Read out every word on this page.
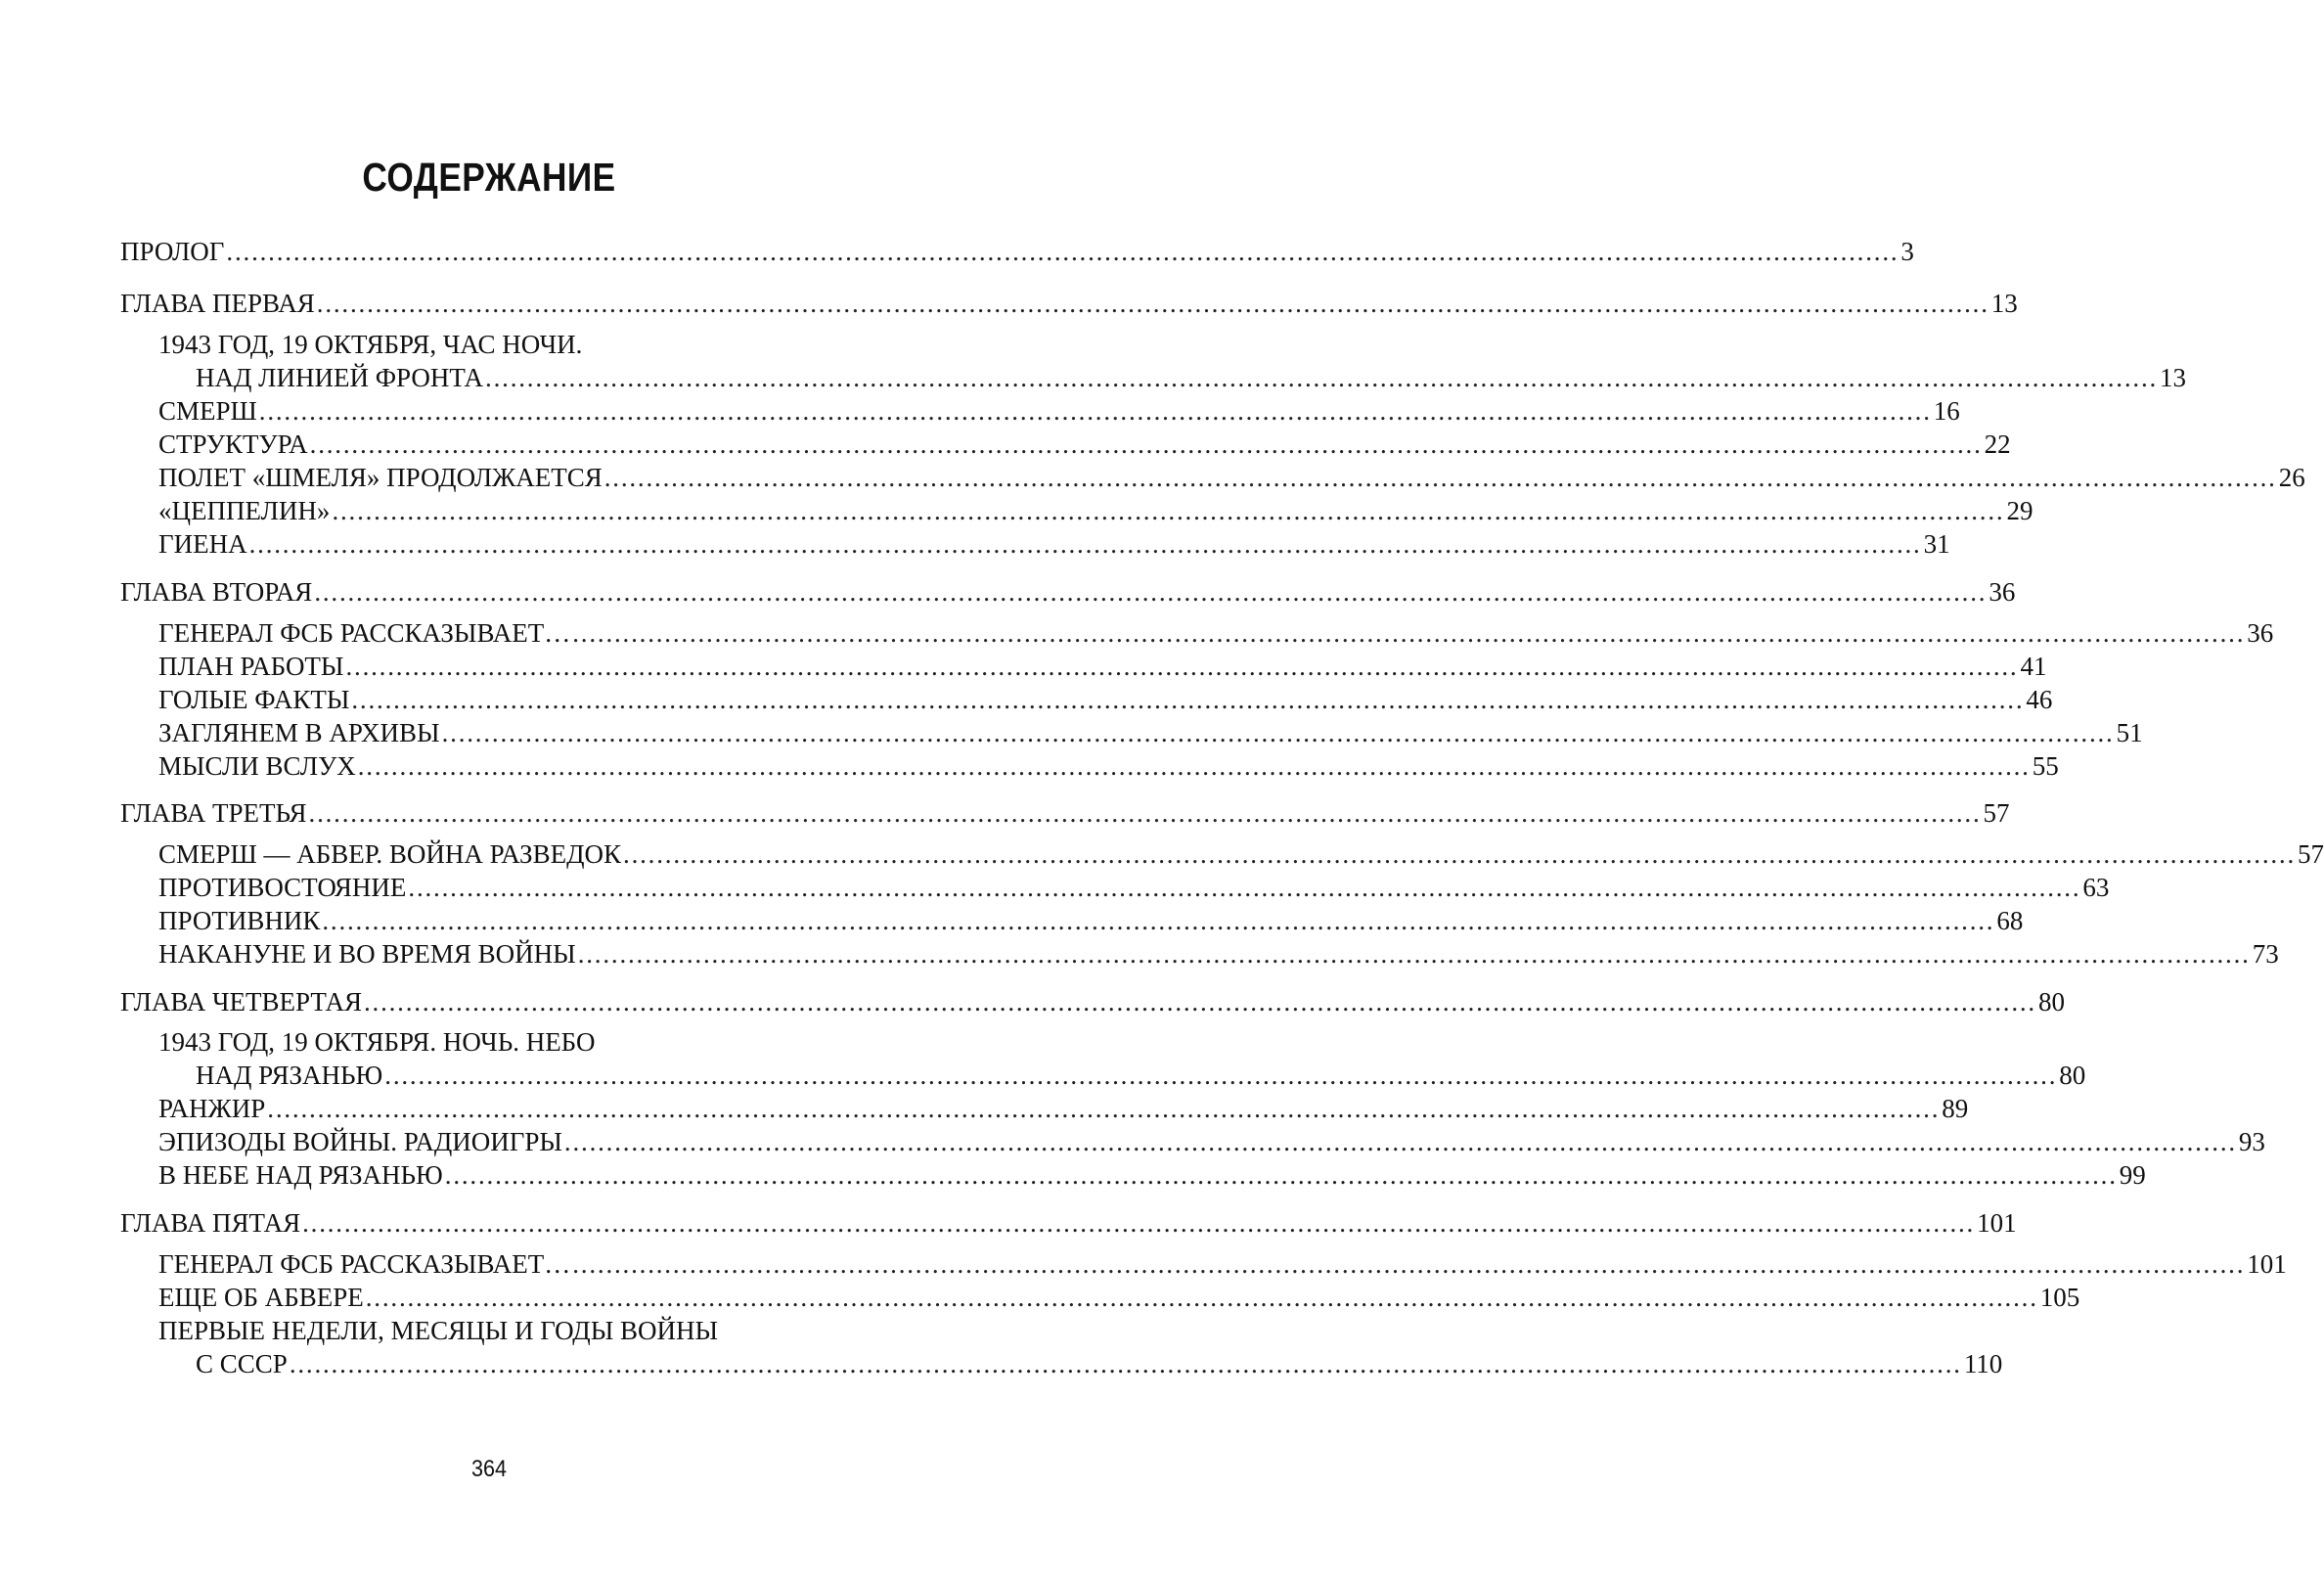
СОДЕРЖАНИЕ
ПРОЛОГ ........................................................................................................................................................................................................ 3
ГЛАВА ПЕРВАЯ ........................................................................................................................................................................................................ 13
1943 ГОД, 19 ОКТЯБРЯ, ЧАС НОЧИ.
НАД ЛИНИЕЙ ФРОНТА ........................................................................................................................................................................................................ 13
СМЕРШ ........................................................................................................................................................................................................ 16
СТРУКТУРА ........................................................................................................................................................................................................ 22
ПОЛЕТ «ШМЕЛЯ» ПРОДОЛЖАЕТСЯ ........................................................................................................................................................................................................ 26
«ЦЕППЕЛИН» ........................................................................................................................................................................................................ 29
ГИЕНА ........................................................................................................................................................................................................ 31
ГЛАВА ВТОРАЯ ........................................................................................................................................................................................................ 36
ГЕНЕРАЛ ФСБ РАССКАЗЫВАЕТ… ........................................................................................................................................................................................................ 36
ПЛАН РАБОТЫ ........................................................................................................................................................................................................ 41
ГОЛЫЕ ФАКТЫ ........................................................................................................................................................................................................ 46
ЗАГЛЯНЕМ В АРХИВЫ ........................................................................................................................................................................................................ 51
МЫСЛИ ВСЛУХ ........................................................................................................................................................................................................ 55
ГЛАВА ТРЕТЬЯ ........................................................................................................................................................................................................ 57
СМЕРШ — АБВЕР. ВОЙНА РАЗВЕДОК ........................................................................................................................................................................................................ 57
ПРОТИВОСТОЯНИЕ ........................................................................................................................................................................................................ 63
ПРОТИВНИК ........................................................................................................................................................................................................ 68
НАКАНУНЕ И ВО ВРЕМЯ ВОЙНЫ ........................................................................................................................................................................................................ 73
ГЛАВА ЧЕТВЕРТАЯ ........................................................................................................................................................................................................ 80
1943 ГОД, 19 ОКТЯБРЯ. НОЧЬ. НЕБО
НАД РЯЗАНЬЮ ........................................................................................................................................................................................................ 80
РАНЖИР ........................................................................................................................................................................................................ 89
ЭПИЗОДЫ ВОЙНЫ. РАДИОИГРЫ ........................................................................................................................................................................................................ 93
В НЕБЕ НАД РЯЗАНЬЮ ........................................................................................................................................................................................................ 99
ГЛАВА ПЯТАЯ ........................................................................................................................................................................................................ 101
ГЕНЕРАЛ ФСБ РАССКАЗЫВАЕТ… ........................................................................................................................................................................................................ 101
ЕЩЕ ОБ АБВЕРЕ ........................................................................................................................................................................................................ 105
ПЕРВЫЕ НЕДЕЛИ, МЕСЯЦЫ И ГОДЫ ВОЙНЫ
С СССР ........................................................................................................................................................................................................ 110
364
